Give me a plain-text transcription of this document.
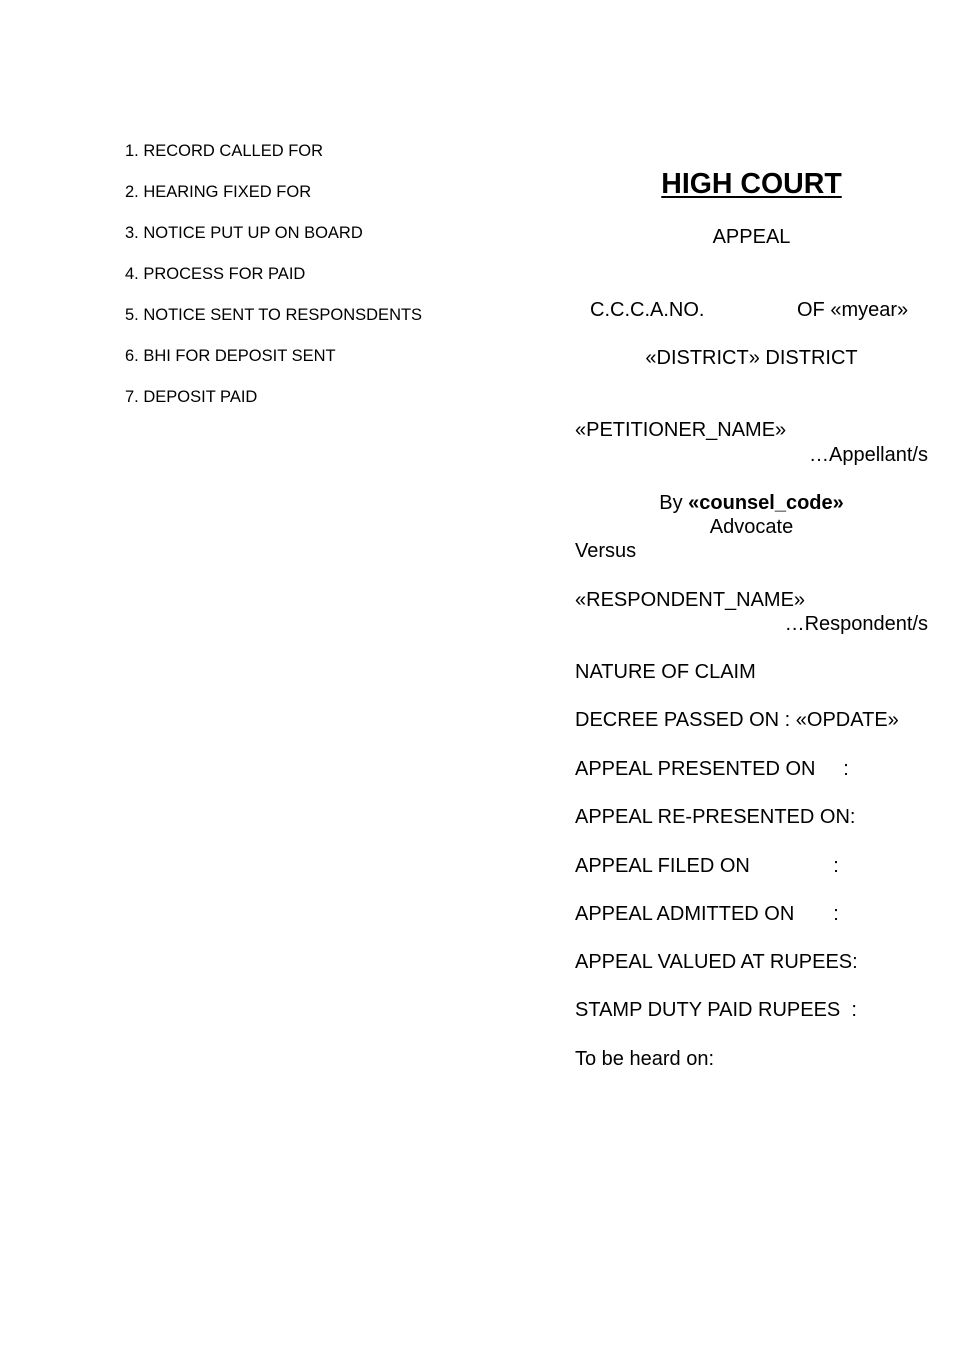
1. RECORD CALLED FOR
2. HEARING FIXED FOR
3. NOTICE PUT UP ON BOARD
4. PROCESS FOR PAID
5. NOTICE SENT TO RESPONSDENTS
6. BHI FOR DEPOSIT SENT
7. DEPOSIT PAID
HIGH COURT
APPEAL
C.C.C.A.NO.	OF «myear»
«DISTRICT» DISTRICT
«PETITIONER_NAME»
…Appellant/s
By «counsel_code»
Advocate
Versus
«RESPONDENT_NAME»
…Respondent/s
NATURE OF CLAIM
DECREE PASSED ON : «OPDATE»
APPEAL PRESENTED ON     :
APPEAL RE-PRESENTED ON:
APPEAL FILED ON               :
APPEAL ADMITTED ON       :
APPEAL VALUED AT RUPEES:
STAMP DUTY PAID RUPEES  :
To be heard on:
